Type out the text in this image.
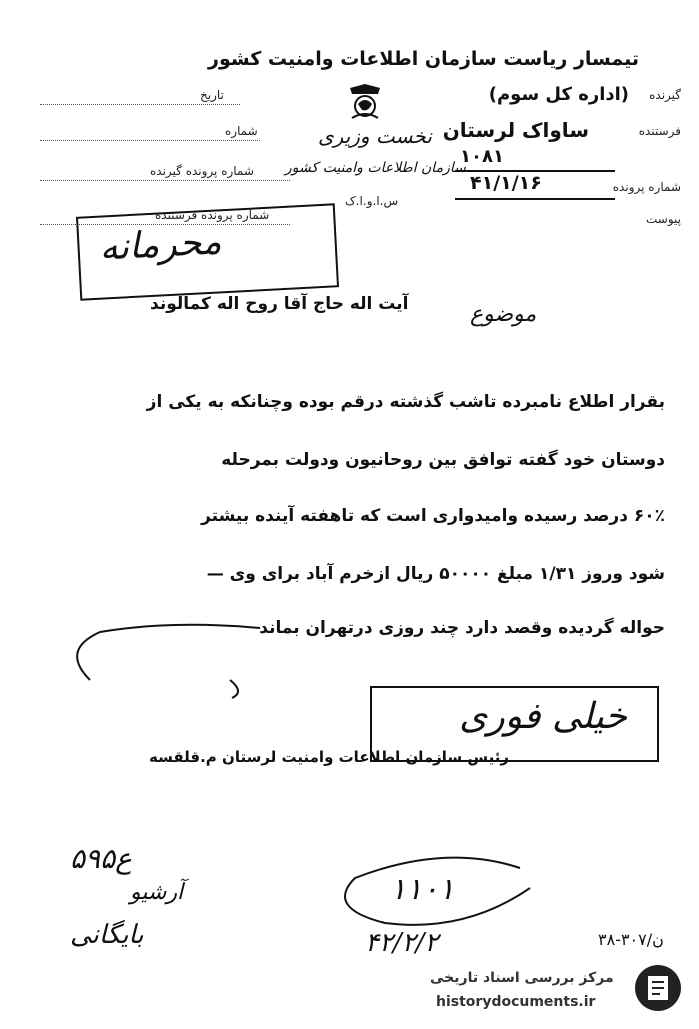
تیمسار ریاست سازمان اطلاعات وامنیت کشور
گیرنده
(اداره کل سوم)
فرستنده
ساواک لرستان
۱۰۸۱
شماره پرونده
۴۱/۱/۱۶
پیوست
تاریخ
شماره
شماره پرونده گیرنده
شماره پرونده فرستنده
نخست وزیری
سازمان اطلاعات وامنیت کشور
س.ا.و.ا.ک
محرمانه
موضوع
آیت اله حاج آقا روح اله کمالوند
بقرار اطلاع نامبرده تاشب گذشته درقم بوده وچنانکه به یکی از
دوستان خود گفته توافق بین روحانیون ودولت بمرحله
۶۰٪ درصد رسیده وامیدواری است که تاهفته آینده بیشتر
شود وروز ۱/۳۱ مبلغ ۵۰۰۰۰ ریال ازخرم آباد برای وی —
حواله گردیده وقصد دارد چند روزی درتهران بماند
خیلی فوری
رئیس سازمان اطلاعات وامنیت لرستان م.قلقسه
۵۹۵ع
آرشیو
بایگانی
۱۱۰۱
۴۲/۲/۲	۳۸-۳۰۷/ن
مرکز بررسی اسناد تاریخی
historydocuments.ir
